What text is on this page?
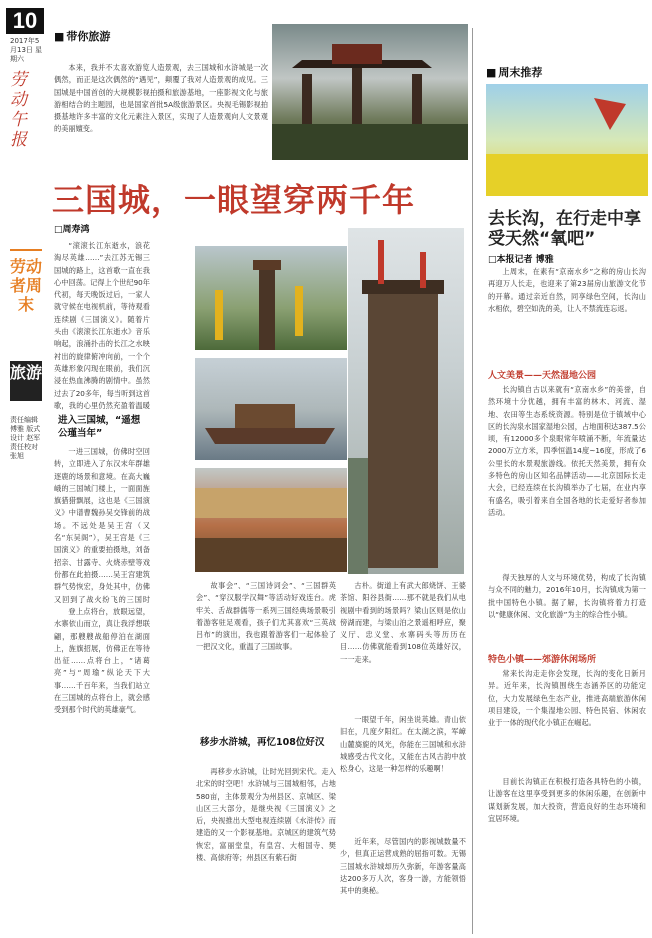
10
2017年5月13日 星期六
劳动午报
劳动者周末
旅游
责任编辑 傅雅 版式设计 赵军 责任校对 张旭
■ 带你旅游
本来，我并不太喜欢游览人造景观，去三国城和水浒城是一次偶然，而正是这次偶然的“遇见”，颠覆了我对人造景观的成见。三国城是中国首创的大规模影视拍摄和旅游基地，一座影视文化与旅游相结合的主题园，也是国家首批5A级旅游景区。央视毛锡影视拍摄基地许多丰富的文化元素注入景区，实现了人造景观向人文景观的美丽嬗变。
三国城，一眼望穿两千年
□ 周寿鸿
“滚滚长江东逝水，浪花淘尽英雄……”去江苏无锡三国城的路上，这首歌一直在我心中回荡。记得上个世纪90年代初，每天晚饭过后，一家人就守候在电视机前，等待观看连续剧《三国演义》。随着片头由《滚滚长江东逝水》音乐响起，浪涌扑击的长江之水映衬出的旋律俯冲向前，一个个英雄形象闪现在眼前，我们沉浸在热血沸腾的剧情中。虽然过去了20多年，每当听到这首歌，我的心里仍然充盈着温暖
进入三国城，“遥想公瑾当年”
一进三国城，仿佛时空回转，立即进入了东汉末年群雄逐鹿的场景和意境。在高大巍峨的三国城门楼上，一面面旌旗猎猎飘展，这也是《三国演义》中谱曹魏孙吴交锋前的战场。不远处是吴王宫（又名“东吴阁”），吴王宫是《三国演义》的重要拍摄地，刘备招亲、甘露寺、火烧赤壁等戏份都在此拍摄……吴王宫建筑群气势恢宏，身处其中，仿佛又回到了战火纷飞的三国时
登上点将台，放眼远望，水寨依山而立，真让我浮想联翩，那艘艘战船停泊在湖面上，旌旗招展，仿佛正在等待出征……点将台上，“诸葛亮”与“周瑜”纵论天下大事……千百年来，当我们站立在三国城的点将台上，就会感受到那个时代的英雄豪气。
故事会”、“三国诗词会”、“三国群英会”、“穿汉服学汉舞”等活动好戏连台。虎牢关、舌战群儒等一系列三国经典场景吸引着游客驻足观看，孩子们尤其喜欢“三英战吕布”的演出，我也跟着游客们一起体验了一把汉文化，重温了三国故事。
移步水浒城，再忆108位好汉
再移步水浒城，让时光回到宋代。走入北宋的时空吧！水浒城与三国城相邻，占地580亩，主体景观分为州县区、京城区、梁山区三大部分，是继央视《三国演义》之后，央视推出大型电视连续剧《水浒传》而建造的又一个影视基地。京城区的建筑气势恢宏，富丽堂皇，有皇宫、大相国寺、樊楼、高俅府等；州县区有紫石街
古朴。街道上有武大郎烧饼、王婆茶馆、阳谷县衙……那不就是我们从电视剧中看到的场景吗？梁山区则是依山傍湖而建，与梁山泊之景遥相呼应，聚义厅、忠义堂、水寨码头等历历在目……仿佛就能看到108位英雄好汉，一一走来。
一眼望千年，闲坐说英雄。青山依旧在，几度夕阳红。在太湖之滨，军嶂山麓旖旎的风光，你能在三国城和水浒城感受古代文化，又能在古风古韵中放松身心，这是一种怎样的乐趣啊！
近年来，尽管国内的影视城数量不少，但真正运营成熟的屈指可数。无锡三国城水浒城却历久弥新，年游客量高达200多万人次，客身一游，方能领悟其中的奥秘。
■ 周末推荐
去长沟，在行走中享受天然“氧吧”
□ 本报记者 博雅
上周末，在素有“京南水乡”之称的房山长沟再迎万人长走，也迎来了第23届房山旅游文化节的开幕。通过亲近自然，同享绿色空间，长沟山水相依，碧空如洗的美，让人不禁流连忘返。
人文美景——天然湿地公园
长沟镇自古以来就有“京南水乡”的美誉，自然环境十分优越，拥有丰富的林木、河流、湿地、农田等生态系统资源。特别是位于镇域中心区的长沟泉水国家湿地公园，占地面积达387.5公顷，有12000多个泉眼常年喷涌不断，年流量达2000万立方米，四季恒温14度~16度，形成了6公里长的水景观旅游线。依托天然美景，拥有众多特色的房山区知名品牌活动——北京国际长走大会，已经连续在长沟镇举办了七届，在业内享有盛名，吸引着来自全国各地的长走爱好者参加活动。
得天独厚的人文与环境优势，构成了长沟镇与众不同的魅力，2016年10月，长沟镇成为第一批中国特色小镇。据了解，长沟镇将着力打造以“健康休闲、文化旅游”为主的综合性小镇。
特色小镇——郊游休闲场所
常来长沟走走你会发现，长沟的变化日新月异。近年来，长沟镇围绕生态涵养区的功能定位，大力发展绿色生态产业，推进高端旅游休闲项目建设，一个集湿地公园、特色民宿、休闲农业于一体的现代化小镇正在崛起。
目前长沟镇正在积极打造各具特色的小镇，让游客在这里享受到更多的休闲乐趣，在创新中谋划新发展，加大投资，营造良好的生态环境和宜居环境。
